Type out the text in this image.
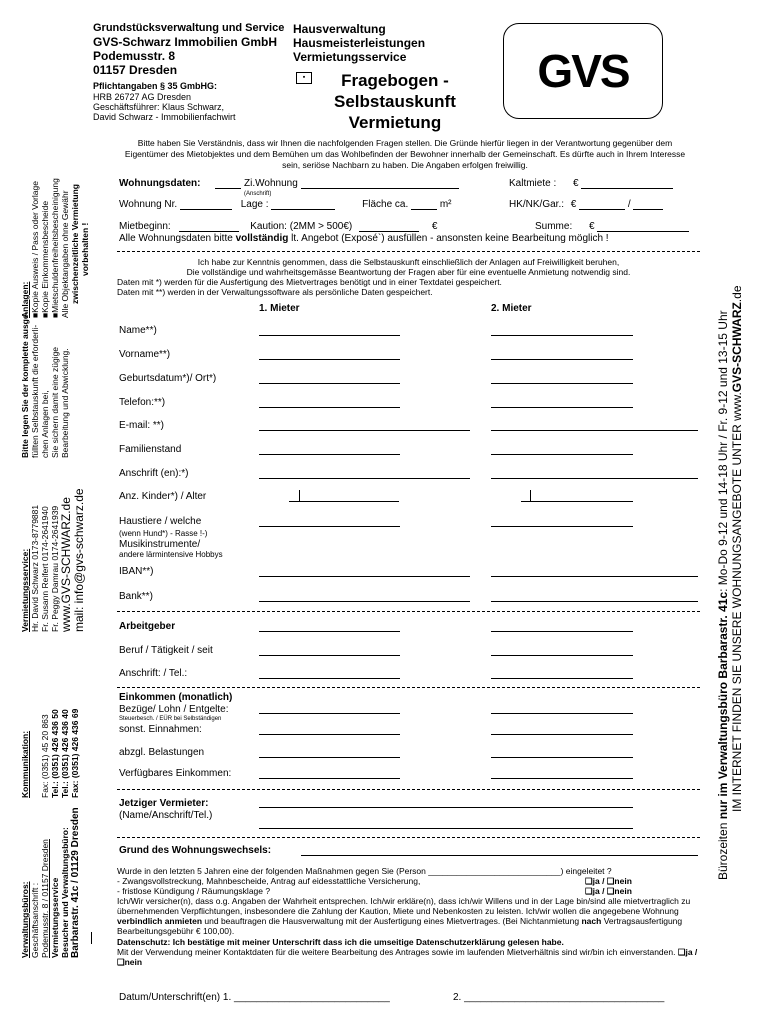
Grundstücksverwaltung und Service
GVS-Schwarz Immobilien GmbH
Podemusstr. 8
01157 Dresden
Pflichtangaben § 35 GmbHG:
HRB 26727 AG Dresden
Geschäftsführer: Klaus Schwarz,
David Schwarz - Immobilienfachwirt
Hausverwaltung
Hausmeisterleistungen
Vermietungsservice
▪	Fragebogen -
Selbstauskunft
Vermietung
GVS
Bitte haben Sie Verständnis, dass wir Ihnen die nachfolgenden Fragen stellen. Die Gründe hierfür liegen in der Verantwortung gegenüber dem Eigentümer des Mietobjektes und dem Bemühen um das Wohlbefinden der Bewohner innerhalb der Gemeinschaft. Es dürfte auch in Ihrem Interesse sein, seriöse Nachbarn zu haben. Die Angaben erfolgen freiwillig.
Wohnungsdaten:	Zi.Wohnung
(Anschrift)
Kaltmiete : €
Wohnung Nr.	Lage :	Fläche ca.	m²	HK/NK/Gar.: €	/
Mietbeginn:	Kaution: (2MM > 500€)	€	Summe: €
Alle Wohnungsdaten bitte vollständig lt. Angebot (Exposé`) ausfüllen - ansonsten keine Bearbeitung möglich !
Ich habe zur Kenntnis genommen, dass die Selbstauskunft einschließlich der Anlagen auf Freiwilligkeit beruhen,
Die vollständige und wahrheitsgemässe Beantwortung der Fragen aber für eine eventuelle Anmietung notwendig sind.
Daten mit *) werden für die Ausfertigung des Mietvertrages benötigt und in einer Textdatei gespeichert.
Daten mit **) werden in der Verwaltungssoftware als persönliche Daten gespeichert.
1. Mieter	2. Mieter
Name**)
Vorname**)
Geburtsdatum*)/ Ort*)
Telefon:**)
E-mail: **)
Familienstand
Anschrift (en):*)
Anz. Kinder*) / Alter
Haustiere / welche
(wenn Hund*) - Rasse !-)
Musikinstrumente/
andere lärmintensive Hobbys
IBAN**)
Bank**)
Arbeitgeber
Beruf / Tätigkeit / seit
Anschrift: / Tel.:
Einkommen (monatlich)
Bezüge/ Lohn / Entgelte:
Steuerbesch. / EÜR bei Selbständigen
sonst. Einnahmen:
abzgl. Belastungen
Verfügbares Einkommen:
Jetziger Vermieter:
(Name/Anschrift/Tel.)
Grund des Wohnungswechsels:
Wurde in den letzten 5 Jahren eine der folgenden Maßnahmen gegen Sie (Person ____________________________) eingeleitet ?
- Zwangsvollstreckung, Mahnbescheide, Antrag auf eidesstattliche Versicherung,	❑ja / ❑nein
- fristlose Kündigung / Räumungsklage ?	❑ja / ❑nein
Ich/Wir versicher(n), dass o.g. Angaben der Wahrheit entsprechen. Ich/wir erkläre(n), dass ich/wir Willens und in der Lage bin/sind alle mietvertraglich zu übernehmenden Verpflichtungen, insbesondere die Zahlung der Kaution, Miete und Nebenkosten zu leisten. Ich/wir wollen die angegebene Wohnung verbindlich anmieten und beauftragen die Hausverwaltung mit der Ausfertigung eines Mietvertrages. (Bei Nichtanmietung nach Vertragsausfertigung Bearbeitungsgebühr € 100,00).
Datenschutz: Ich bestätige mit meiner Unterschrift dass ich die umseitige Datenschutzerklärung gelesen habe.
Mit der Verwendung meiner Kontaktdaten für die weitere Bearbeitung des Antrages sowie im laufenden Mietverhältnis sind wir/bin ich einverstanden. ❑ja / ❑nein
Datum/Unterschrift(en) 1. ____________________________	2. ____________________________________
Anlagen: ■Kopie Ausweis / Pass oder Vorlage ■Kopie Einkommensbescheide ■Mietschuldenfreiheitsbescheinigung Alle Objektangaben ohne Gewähr zwischenzeitliche Vermietung vorbehalten !
Bitte legen Sie der komplette ausge- füllten Selbstauskunft die erforderli- chen Anlagen bei, Sie sichern damit eine zügige Bearbeitung und Abwicklung.
Vermietungsservice: Hr. David Schwarz 0173-8779881 Fr. Susann Reifert 0174-2641940 Fr. Peggy Damrau 0174-2641939 www.GVS-SCHWARZ.de mail: info@gvs-schwarz.de
Kommunikation: Fax: (0351) 45 20 863 Tel.: (0351) 426 436 50 Tel.: (0351) 426 436 40 Fax: (0351) 426 436 69
Verwaltungsbüros: Geschäftsanschrift : Podemusstr. 8 / 01157 Dresden Vermietungsservice Besucher und Verwaltungsbüro: Barbarastr. 41c / 01129 Dresden	Bürozeiten nur im Verwaltungsbüro Barbarastr. 41c: Mo-Do 9-12 und 14-18 Uhr / Fr. 9-12 und 13-15 Uhr IM INTERNET FINDEN SIE UNSERE WOHNUNGSANGEBOTE UNTER www.GVS-SCHWARZ.de
